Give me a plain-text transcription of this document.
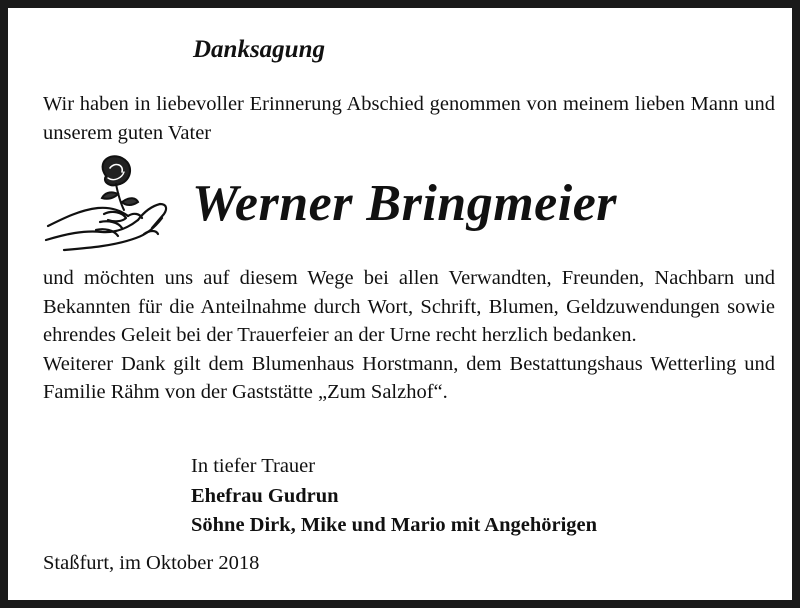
Danksagung
Wir haben in liebevoller Erinnerung Abschied genommen von meinem lieben Mann und unserem guten Vater
Werner Bringmeier

und möchten uns auf diesem Wege bei allen Verwandten, Freunden, Nachbarn und Bekannten für die Anteilnahme durch Wort, Schrift, Blumen, Geldzuwendungen sowie ehrendes Geleit bei der Trauerfeier an der Urne recht herzlich bedanken.

Weiterer Dank gilt dem Blumenhaus Horstmann, dem Bestattungshaus Wetterling und Familie Rähm von der Gaststätte „Zum Salzhof“.

In tiefer Trauer
Ehefrau Gudrun
Söhne Dirk, Mike und Mario mit Angehörigen
Staßfurt, im Oktober 2018
